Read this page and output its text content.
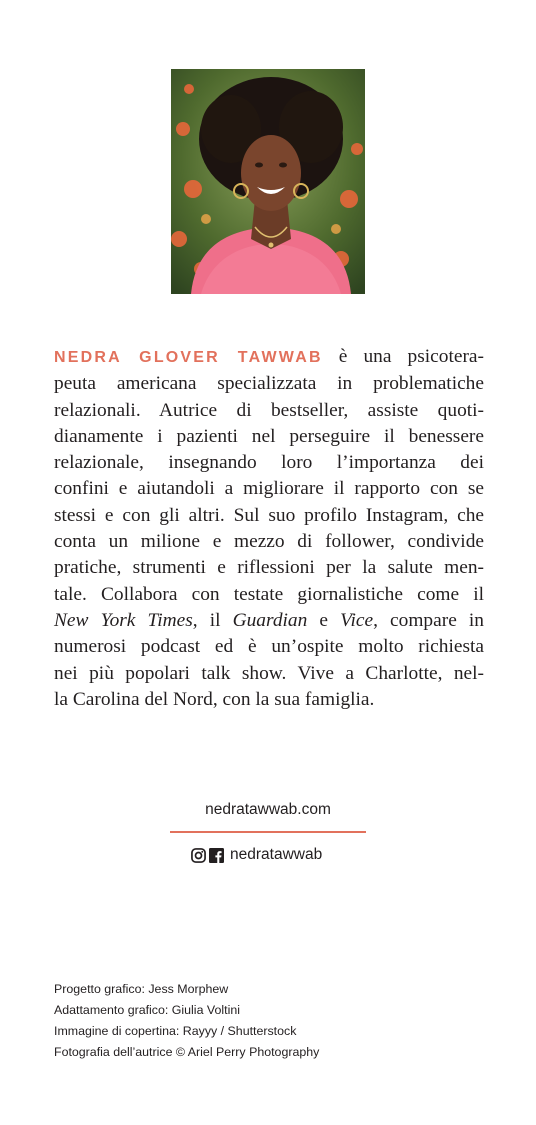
NEDRA GLOVER TAWWAB è una psicotera-
peuta americana specializzata in problematiche
relazionali. Autrice di bestseller, assiste quoti-
dianamente i pazienti nel perseguire il benessere
relazionale, insegnando loro l’importanza dei
confini e aiutandoli a migliorare il rapporto con se
stessi e con gli altri. Sul suo profilo Instagram, che
conta un milione e mezzo di follower, condivide
pratiche, strumenti e riflessioni per la salute men-
tale. Collabora con testate giornalistiche come il
New York Times, il Guardian e Vice, compare in
numerosi podcast ed è un’ospite molto richiesta
nei più popolari talk show. Vive a Charlotte, nel-
la Carolina del Nord, con la sua famiglia.
nedratawwab.com
nedratawwab
Progetto grafico: Jess Morphew
Adattamento grafico: Giulia Voltini
Immagine di copertina: Rayyy / Shutterstock
Fotografia dell’autrice © Ariel Perry Photography
